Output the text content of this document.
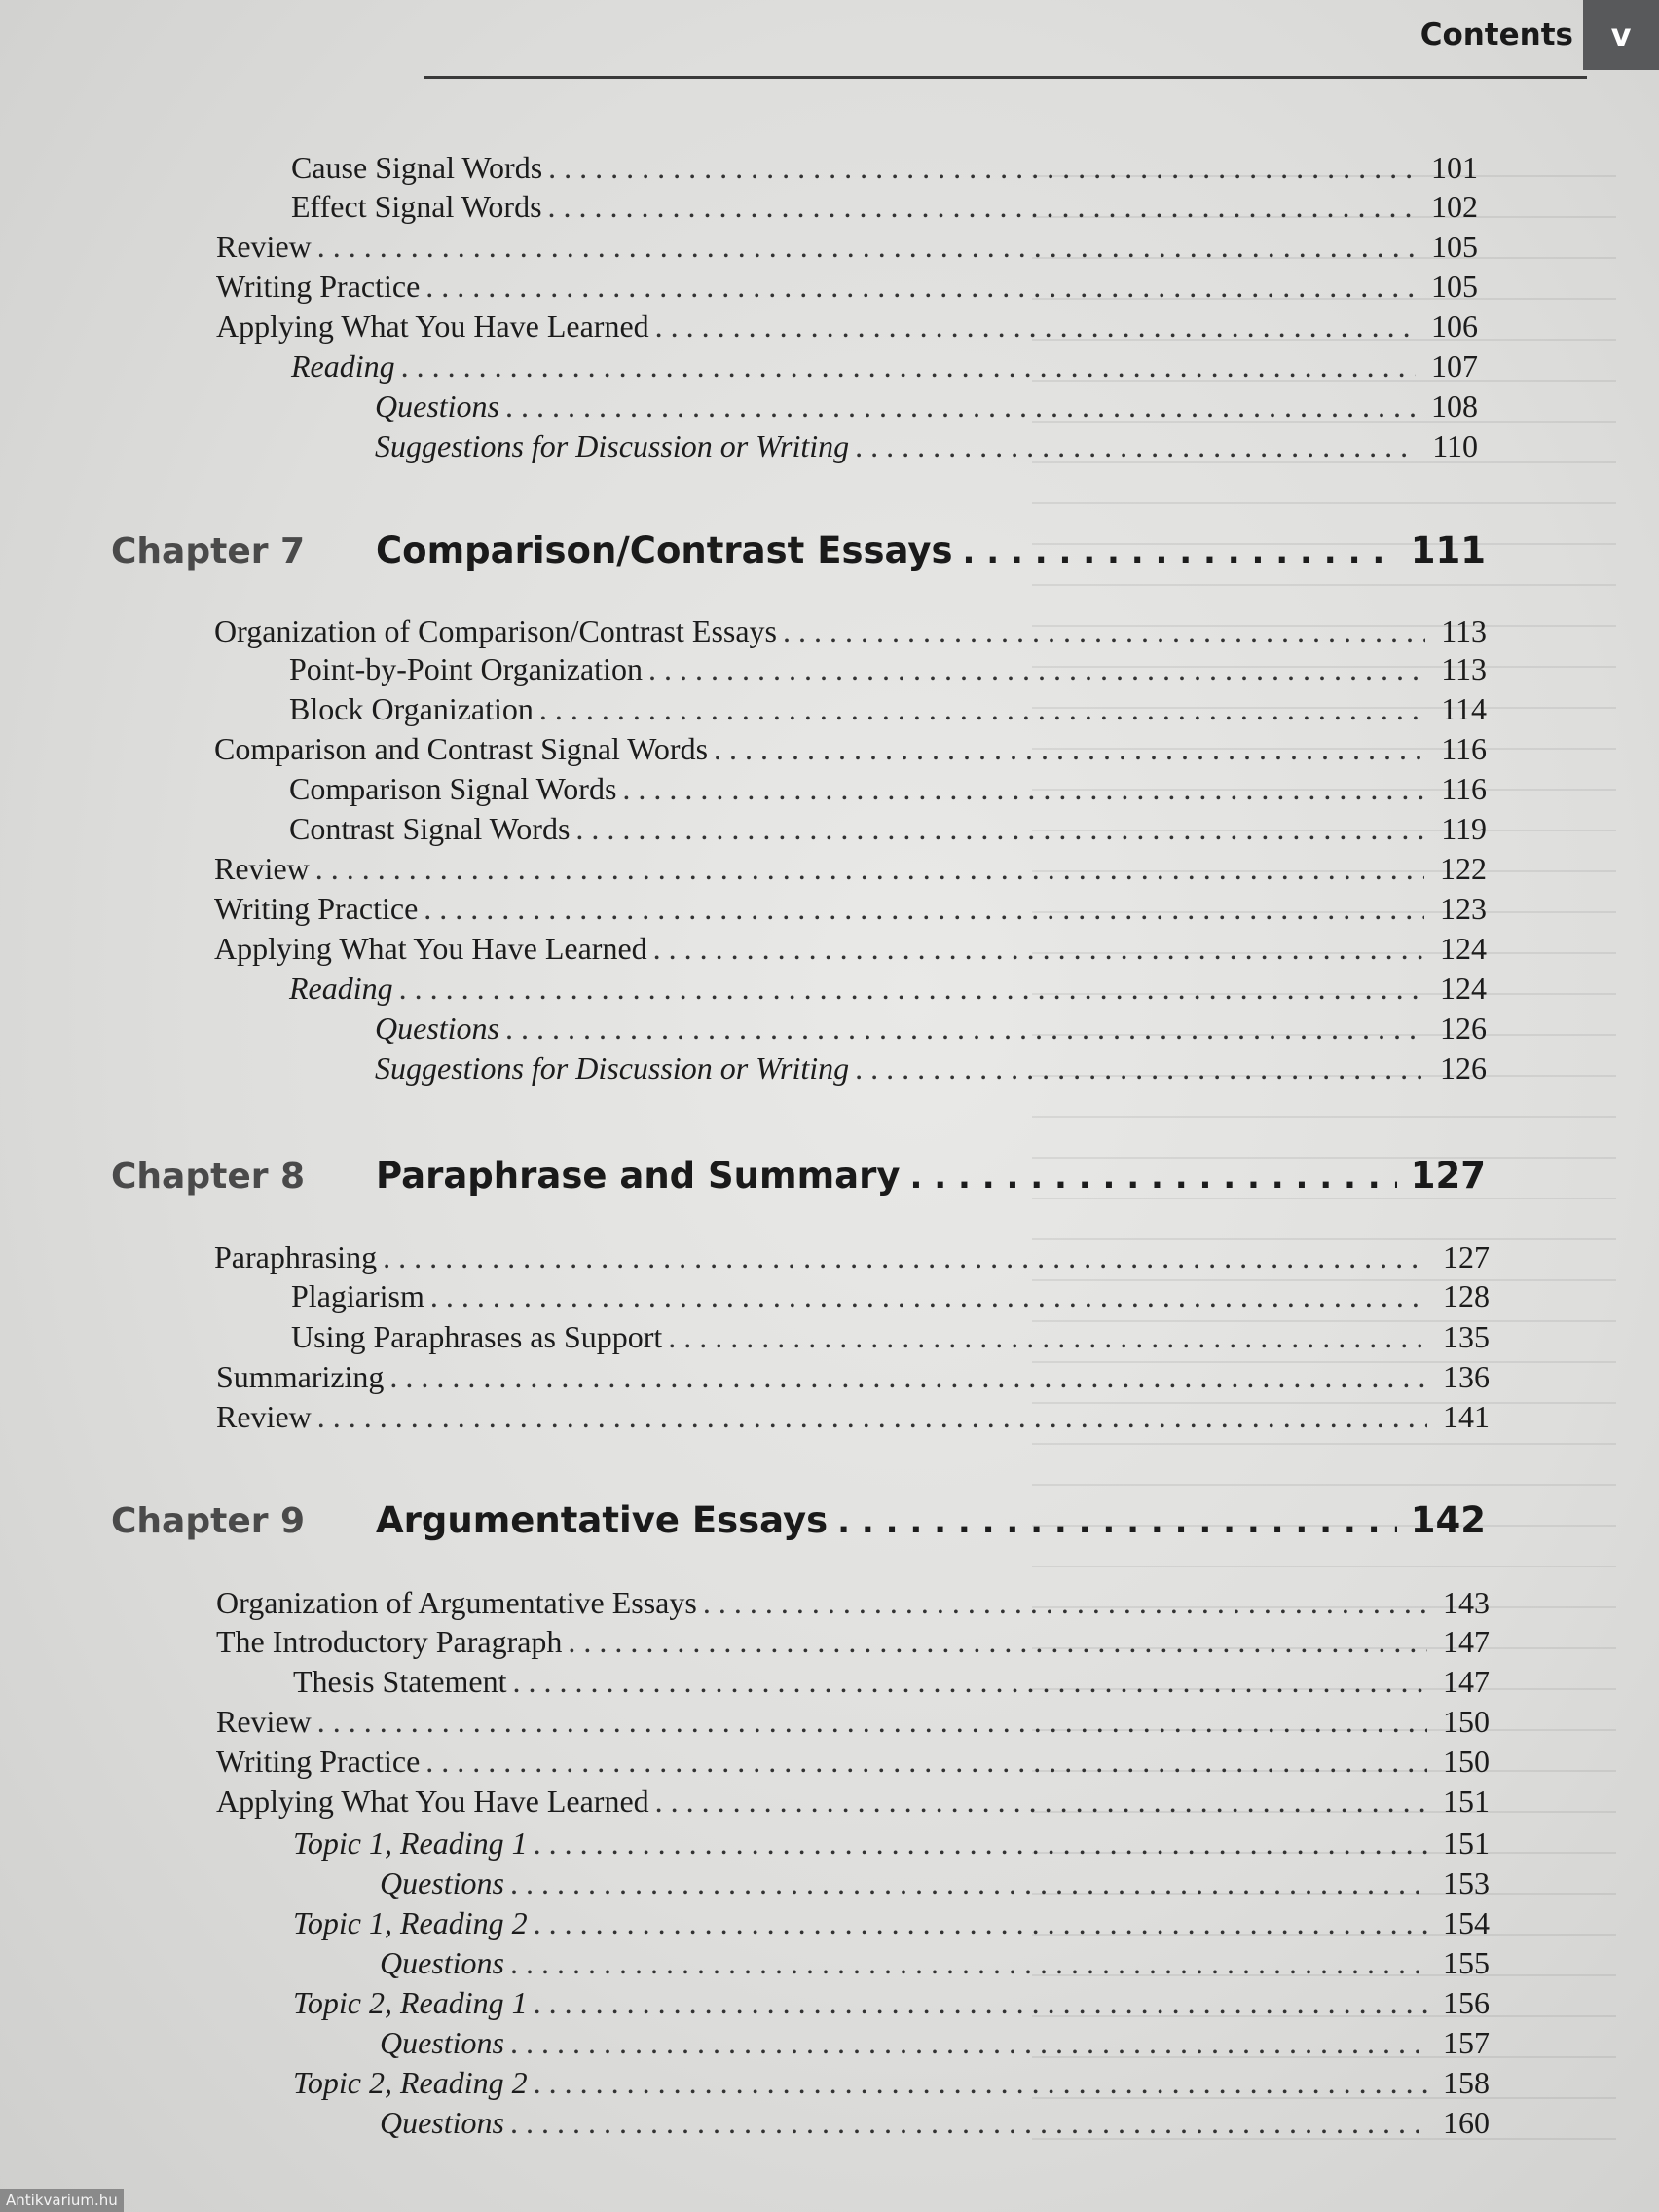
Contents	v
Cause Signal Words . . .	101
Effect Signal Words . . .	102
Review . . .	105
Writing Practice . . .	105
Applying What You Have Learned . . .	106
Reading . . .	107
Questions . . .	108
Suggestions for Discussion or Writing . . .	110
Chapter 7	Comparison/Contrast Essays . . .	111
Organization of Comparison/Contrast Essays . . .	113
Point-by-Point Organization . . .	113
Block Organization . . .	114
Comparison and Contrast Signal Words . . .	116
Comparison Signal Words . . .	116
Contrast Signal Words . . .	119
Review . . .	122
Writing Practice . . .	123
Applying What You Have Learned . . .	124
Reading . . .	124
Questions . . .	126
Suggestions for Discussion or Writing . . .	126
Chapter 8	Paraphrase and Summary . . .	127
Paraphrasing . . .	127
Plagiarism . . .	128
Using Paraphrases as Support . . .	135
Summarizing . . .	136
Review . . .	141
Chapter 9	Argumentative Essays . . .	142
Organization of Argumentative Essays . . .	143
The Introductory Paragraph . . .	147
Thesis Statement . . .	147
Review . . .	150
Writing Practice . . .	150
Applying What You Have Learned . . .	151
Topic 1, Reading 1 . . .	151
Questions . . .	153
Topic 1, Reading 2 . . .	154
Questions . . .	155
Topic 2, Reading 1 . . .	156
Questions . . .	157
Topic 2, Reading 2 . . .	158
Questions . . .	160
Antikvarium.hu
